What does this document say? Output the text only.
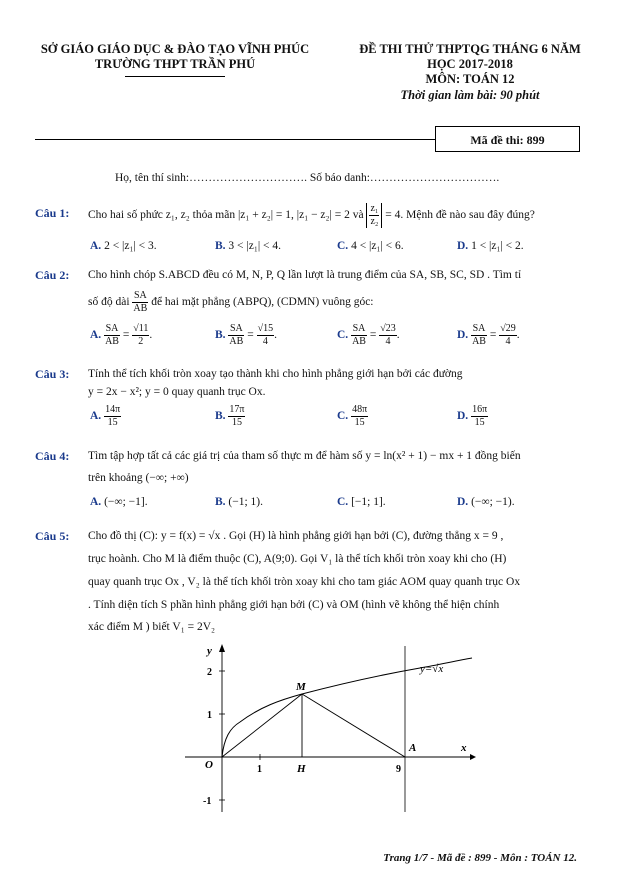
SỞ GIÁO GIÁO DỤC & ĐÀO TẠO VĨNH PHÚC
TRƯỜNG THPT TRẦN PHÚ
ĐỀ THI THỬ THPTQG THÁNG 6 NĂM
HỌC 2017-2018
MÔN: TOÁN 12
Thời gian làm bài: 90 phút
Mã đề thi: 899
Họ, tên thí sinh:…………………………. Số báo danh:…………………………….
Câu 1: Cho hai số phức z₁, z₂ thỏa mãn |z₁ + z₂| = 1, |z₁ − z₂| = 2 và $\frac{\text{z₁}}{\text{z₂}} = 4$. Mệnh đề nào sau đây đúng?
A. 2 < |z₁| < 3.	B. 3 < |z₁| < 4.	C. 4 < |z₁| < 6.	D. 1 < |z₁| < 2.
Câu 2: Cho hình chóp S.ABCD đều có M, N, P, Q lần lượt là trung điểm của SA, SB, SC, SD . Tìm tỉ
số độ dài $\frac{SA}{AB}$ để hai mặt phẳng (ABPQ), (CDMN) vuông góc:
A. $\frac{SA}{AB} = \frac{√11}{2}$ .	B. $\frac{SA}{AB} = \frac{√15}{4}$ .	C. $\frac{SA}{AB} = \frac{√23}{4}$ .	D. $\frac{SA}{AB} = \frac{√29}{4}$ .
Câu 3: Tính thể tích khối tròn xoay tạo thành khi cho hình phẳng giới hạn bởi các đường
y = 2x − x²; y = 0 quay quanh trục Ox.
A. $\frac{14\pi}{15}$	B. $\frac{17\pi}{15}$	C. $\frac{48\pi}{15}$	D. $\frac{16\pi}{15}$
Câu 4: Tìm tập hợp tất cả các giá trị của tham số thực m để hàm số y = ln(x² + 1) − mx + 1 đồng biến
trên khoảng (−∞; +∞)
A. (−∞; −1].	B. (−1; 1).	C. [−1; 1].	D. (−∞; −1).
Câu 5: Cho đồ thị (C): y = f(x) = √x . Gọi (H) là hình phẳng giới hạn bởi (C), đường thẳng x = 9 ,
trục hoành. Cho M là điểm thuộc (C), A(9;0). Gọi V₁ là thể tích khối tròn xoay khi cho (H)
quay quanh trục Ox , V₂ là thể tích khối tròn xoay khi cho tam giác AOM quay quanh trục Ox
. Tính diện tích S phần hình phẳng giới hạn bởi (C) và OM (hình vẽ không thể hiện chính
xác điểm M ) biết V₁ = 2V₂
y=√x
x
y
O
M
H
A
1	9
2
1
-1
Trang 1/7 - Mã đề : 899 - Môn : TOÁN 12.
